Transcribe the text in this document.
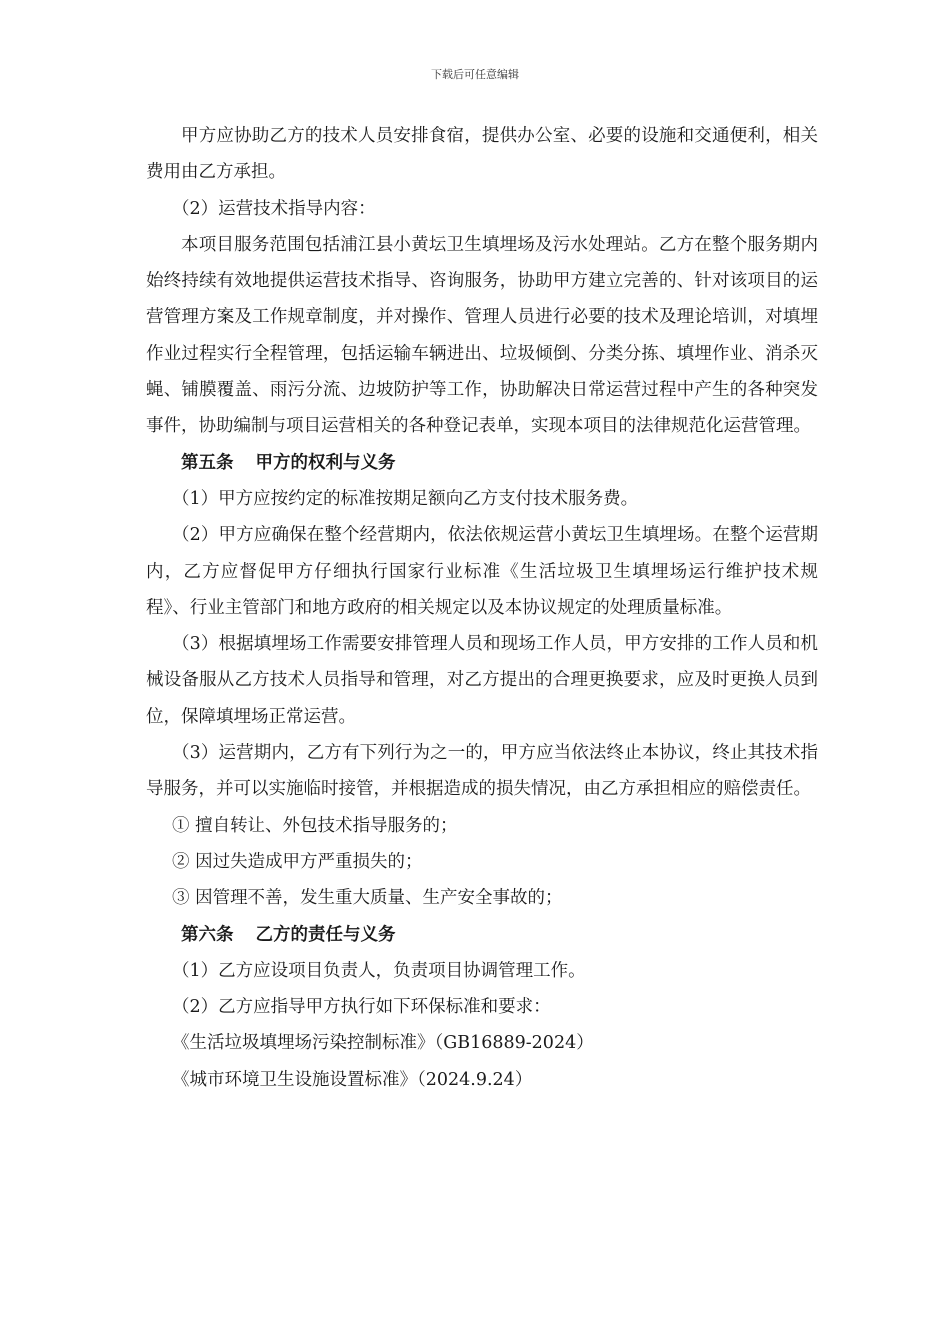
下载后可任意编辑

甲方应协助乙方的技术人员安排食宿，提供办公室、必要的设施和交通便利，相关费用由乙方承担。

（2）运营技术指导内容：

本项目服务范围包括浦江县小黄坛卫生填埋场及污水处理站。乙方在整个服务期内始终持续有效地提供运营技术指导、咨询服务，协助甲方建立完善的、针对该项目的运营管理方案及工作规章制度，并对操作、管理人员进行必要的技术及理论培训，对填埋作业过程实行全程管理，包括运输车辆进出、垃圾倾倒、分类分拣、填埋作业、消杀灭蝇、铺膜覆盖、雨污分流、边坡防护等工作，协助解决日常运营过程中产生的各种突发事件，协助编制与项目运营相关的各种登记表单，实现本项目的法律规范化运营管理。

第五条 甲方的权利与义务

（1）甲方应按约定的标准按期足额向乙方支付技术服务费。

（2）甲方应确保在整个经营期内，依法依规运营小黄坛卫生填埋场。在整个运营期内，乙方应督促甲方仔细执行国家行业标准《生活垃圾卫生填埋场运行维护技术规程》、行业主管部门和地方政府的相关规定以及本协议规定的处理质量标准。

（3）根据填埋场工作需要安排管理人员和现场工作人员，甲方安排的工作人员和机械设备服从乙方技术人员指导和管理，对乙方提出的合理更换要求，应及时更换人员到位，保障填埋场正常运营。

（3）运营期内，乙方有下列行为之一的，甲方应当依法终止本协议，终止其技术指导服务，并可以实施临时接管，并根据造成的损失情况，由乙方承担相应的赔偿责任。

① 擅自转让、外包技术指导服务的；

② 因过失造成甲方严重损失的；

③ 因管理不善，发生重大质量、生产安全事故的；

第六条 乙方的责任与义务

（1）乙方应设项目负责人，负责项目协调管理工作。

（2）乙方应指导甲方执行如下环保标准和要求：

《生活垃圾填埋场污染控制标准》（GB16889-2024）

《城市环境卫生设施设置标准》（2024.9.24）
